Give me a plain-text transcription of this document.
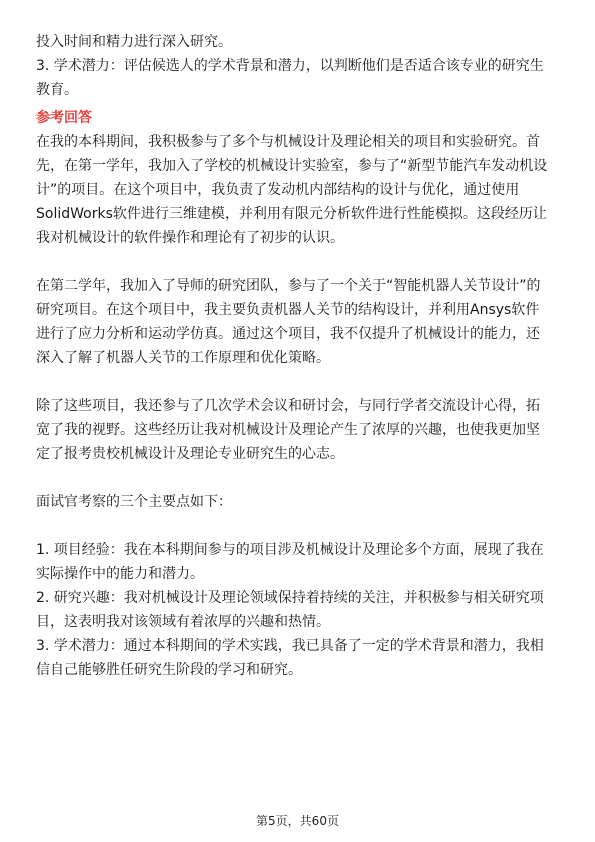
投入时间和精力进行深入研究。
3. 学术潜力：评估候选人的学术背景和潜力，以判断他们是否适合该专业的研究生
教育。
参考回答
在我的本科期间，我积极参与了多个与机械设计及理论相关的项目和实验研究。首
先，在第一学年，我加入了学校的机械设计实验室，参与了“新型节能汽车发动机设
计”的项目。在这个项目中，我负责了发动机内部结构的设计与优化，通过使用
SolidWorks软件进行三维建模，并利用有限元分析软件进行性能模拟。这段经历让
我对机械设计的软件操作和理论有了初步的认识。
在第二学年，我加入了导师的研究团队，参与了一个关于“智能机器人关节设计”的
研究项目。在这个项目中，我主要负责机器人关节的结构设计，并利用Ansys软件
进行了应力分析和运动学仿真。通过这个项目，我不仅提升了机械设计的能力，还
深入了解了机器人关节的工作原理和优化策略。
除了这些项目，我还参与了几次学术会议和研讨会，与同行学者交流设计心得，拓
宽了我的视野。这些经历让我对机械设计及理论产生了浓厚的兴趣，也使我更加坚
定了报考贵校机械设计及理论专业研究生的心志。
面试官考察的三个主要点如下：
1. 项目经验：我在本科期间参与的项目涉及机械设计及理论多个方面，展现了我在
实际操作中的能力和潜力。
2. 研究兴趣：我对机械设计及理论领域保持着持续的关注，并积极参与相关研究项
目，这表明我对该领域有着浓厚的兴趣和热情。
3. 学术潜力：通过本科期间的学术实践，我已具备了一定的学术背景和潜力，我相
信自己能够胜任研究生阶段的学习和研究。
第5页，共60页
